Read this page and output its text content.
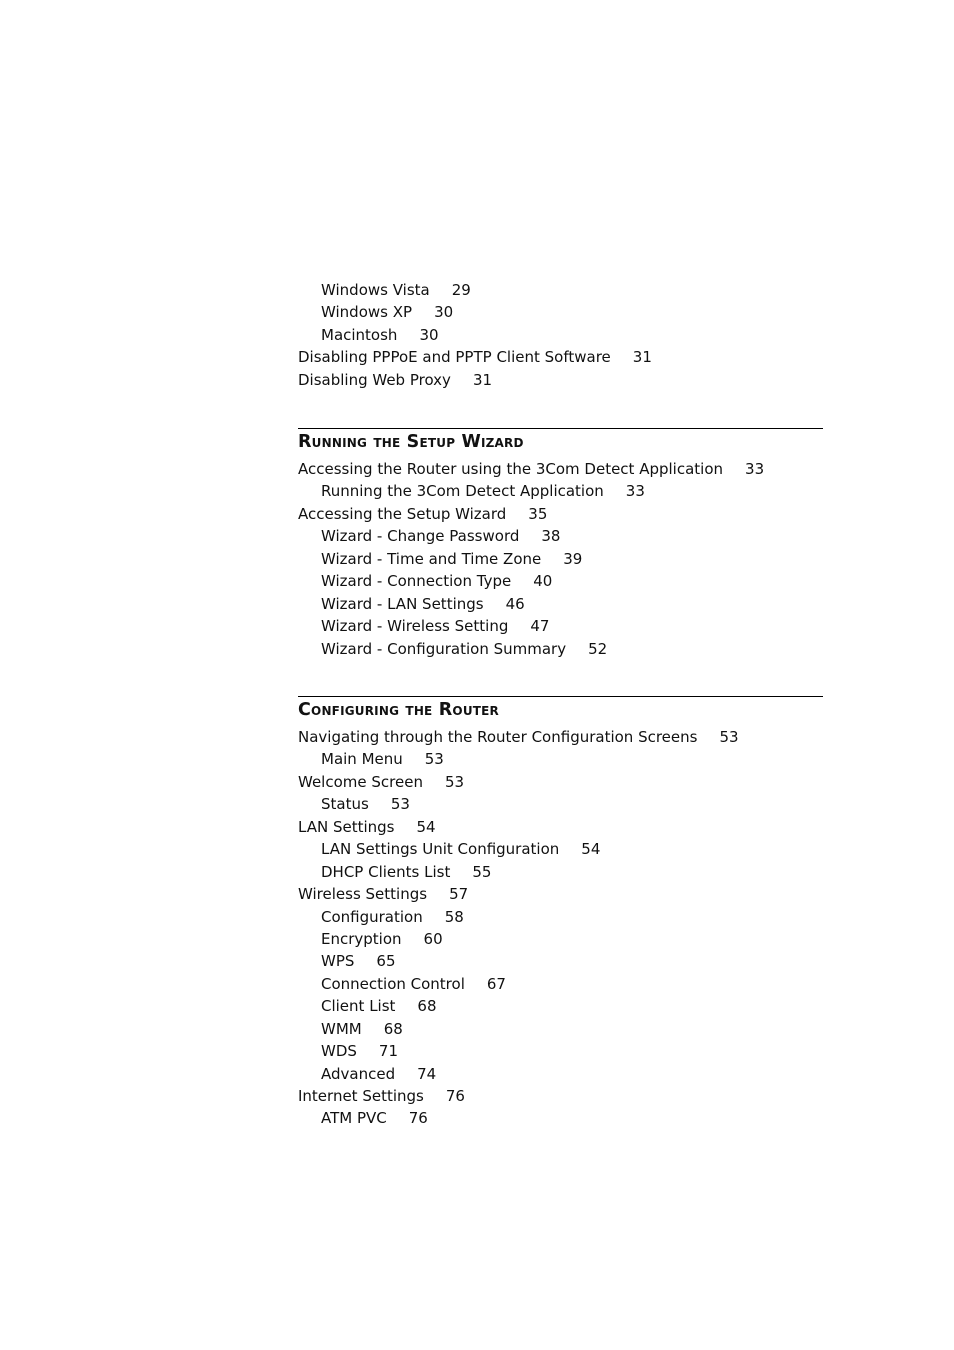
Windows Vista 29
Windows XP 30
Macintosh 30
Disabling PPPoE and PPTP Client Software 31
Disabling Web Proxy 31
Running the Setup Wizard
Accessing the Router using the 3Com Detect Application 33
Running the 3Com Detect Application 33
Accessing the Setup Wizard 35
Wizard - Change Password 38
Wizard - Time and Time Zone 39
Wizard - Connection Type 40
Wizard - LAN Settings 46
Wizard - Wireless Setting 47
Wizard - Configuration Summary 52
Configuring the Router
Navigating through the Router Configuration Screens 53
Main Menu 53
Welcome Screen 53
Status 53
LAN Settings 54
LAN Settings Unit Configuration 54
DHCP Clients List 55
Wireless Settings 57
Configuration 58
Encryption 60
WPS 65
Connection Control 67
Client List 68
WMM 68
WDS 71
Advanced 74
Internet Settings 76
ATM PVC 76
